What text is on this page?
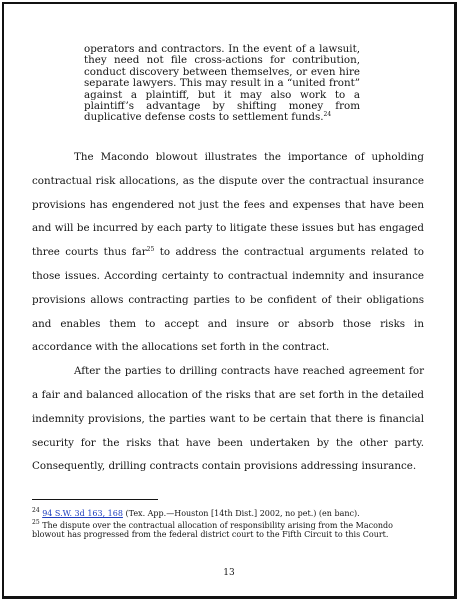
operators and contractors. In the event of a lawsuit, they need not file cross-actions for contribution, conduct discovery between themselves, or even hire separate lawyers. This may result in a “united front” against a plaintiff, but it may also work to a plaintiff’s advantage by shifting money from duplicative defense costs to settlement funds.$^{24}$

The Macondo blowout illustrates the importance of upholding contractual risk allocations, as the dispute over the contractual insurance provisions has engendered not just the fees and expenses that have been and will be incurred by each party to litigate these issues but has engaged three courts thus far$^{25}$ to address the contractual arguments related to those issues. According certainty to contractual indemnity and insurance provisions allows contracting parties to be confident of their obligations and enables them to accept and insure or absorb those risks in accordance with the allocations set forth in the contract.

After the parties to drilling contracts have reached agreement for a fair and balanced allocation of the risks that are set forth in the detailed indemnity provisions, the parties want to be certain that there is financial security for the risks that have been undertaken by the other party. Consequently, drilling contracts contain provisions addressing insurance.

$^{24}$ 94 S.W. 3d 163, 168 (Tex. App.—Houston [14th Dist.] 2002, no pet.) (en banc).

$^{25}$ The dispute over the contractual allocation of responsibility arising from the Macondo blowout has progressed from the federal district court to the Fifth Circuit to this Court.

13
